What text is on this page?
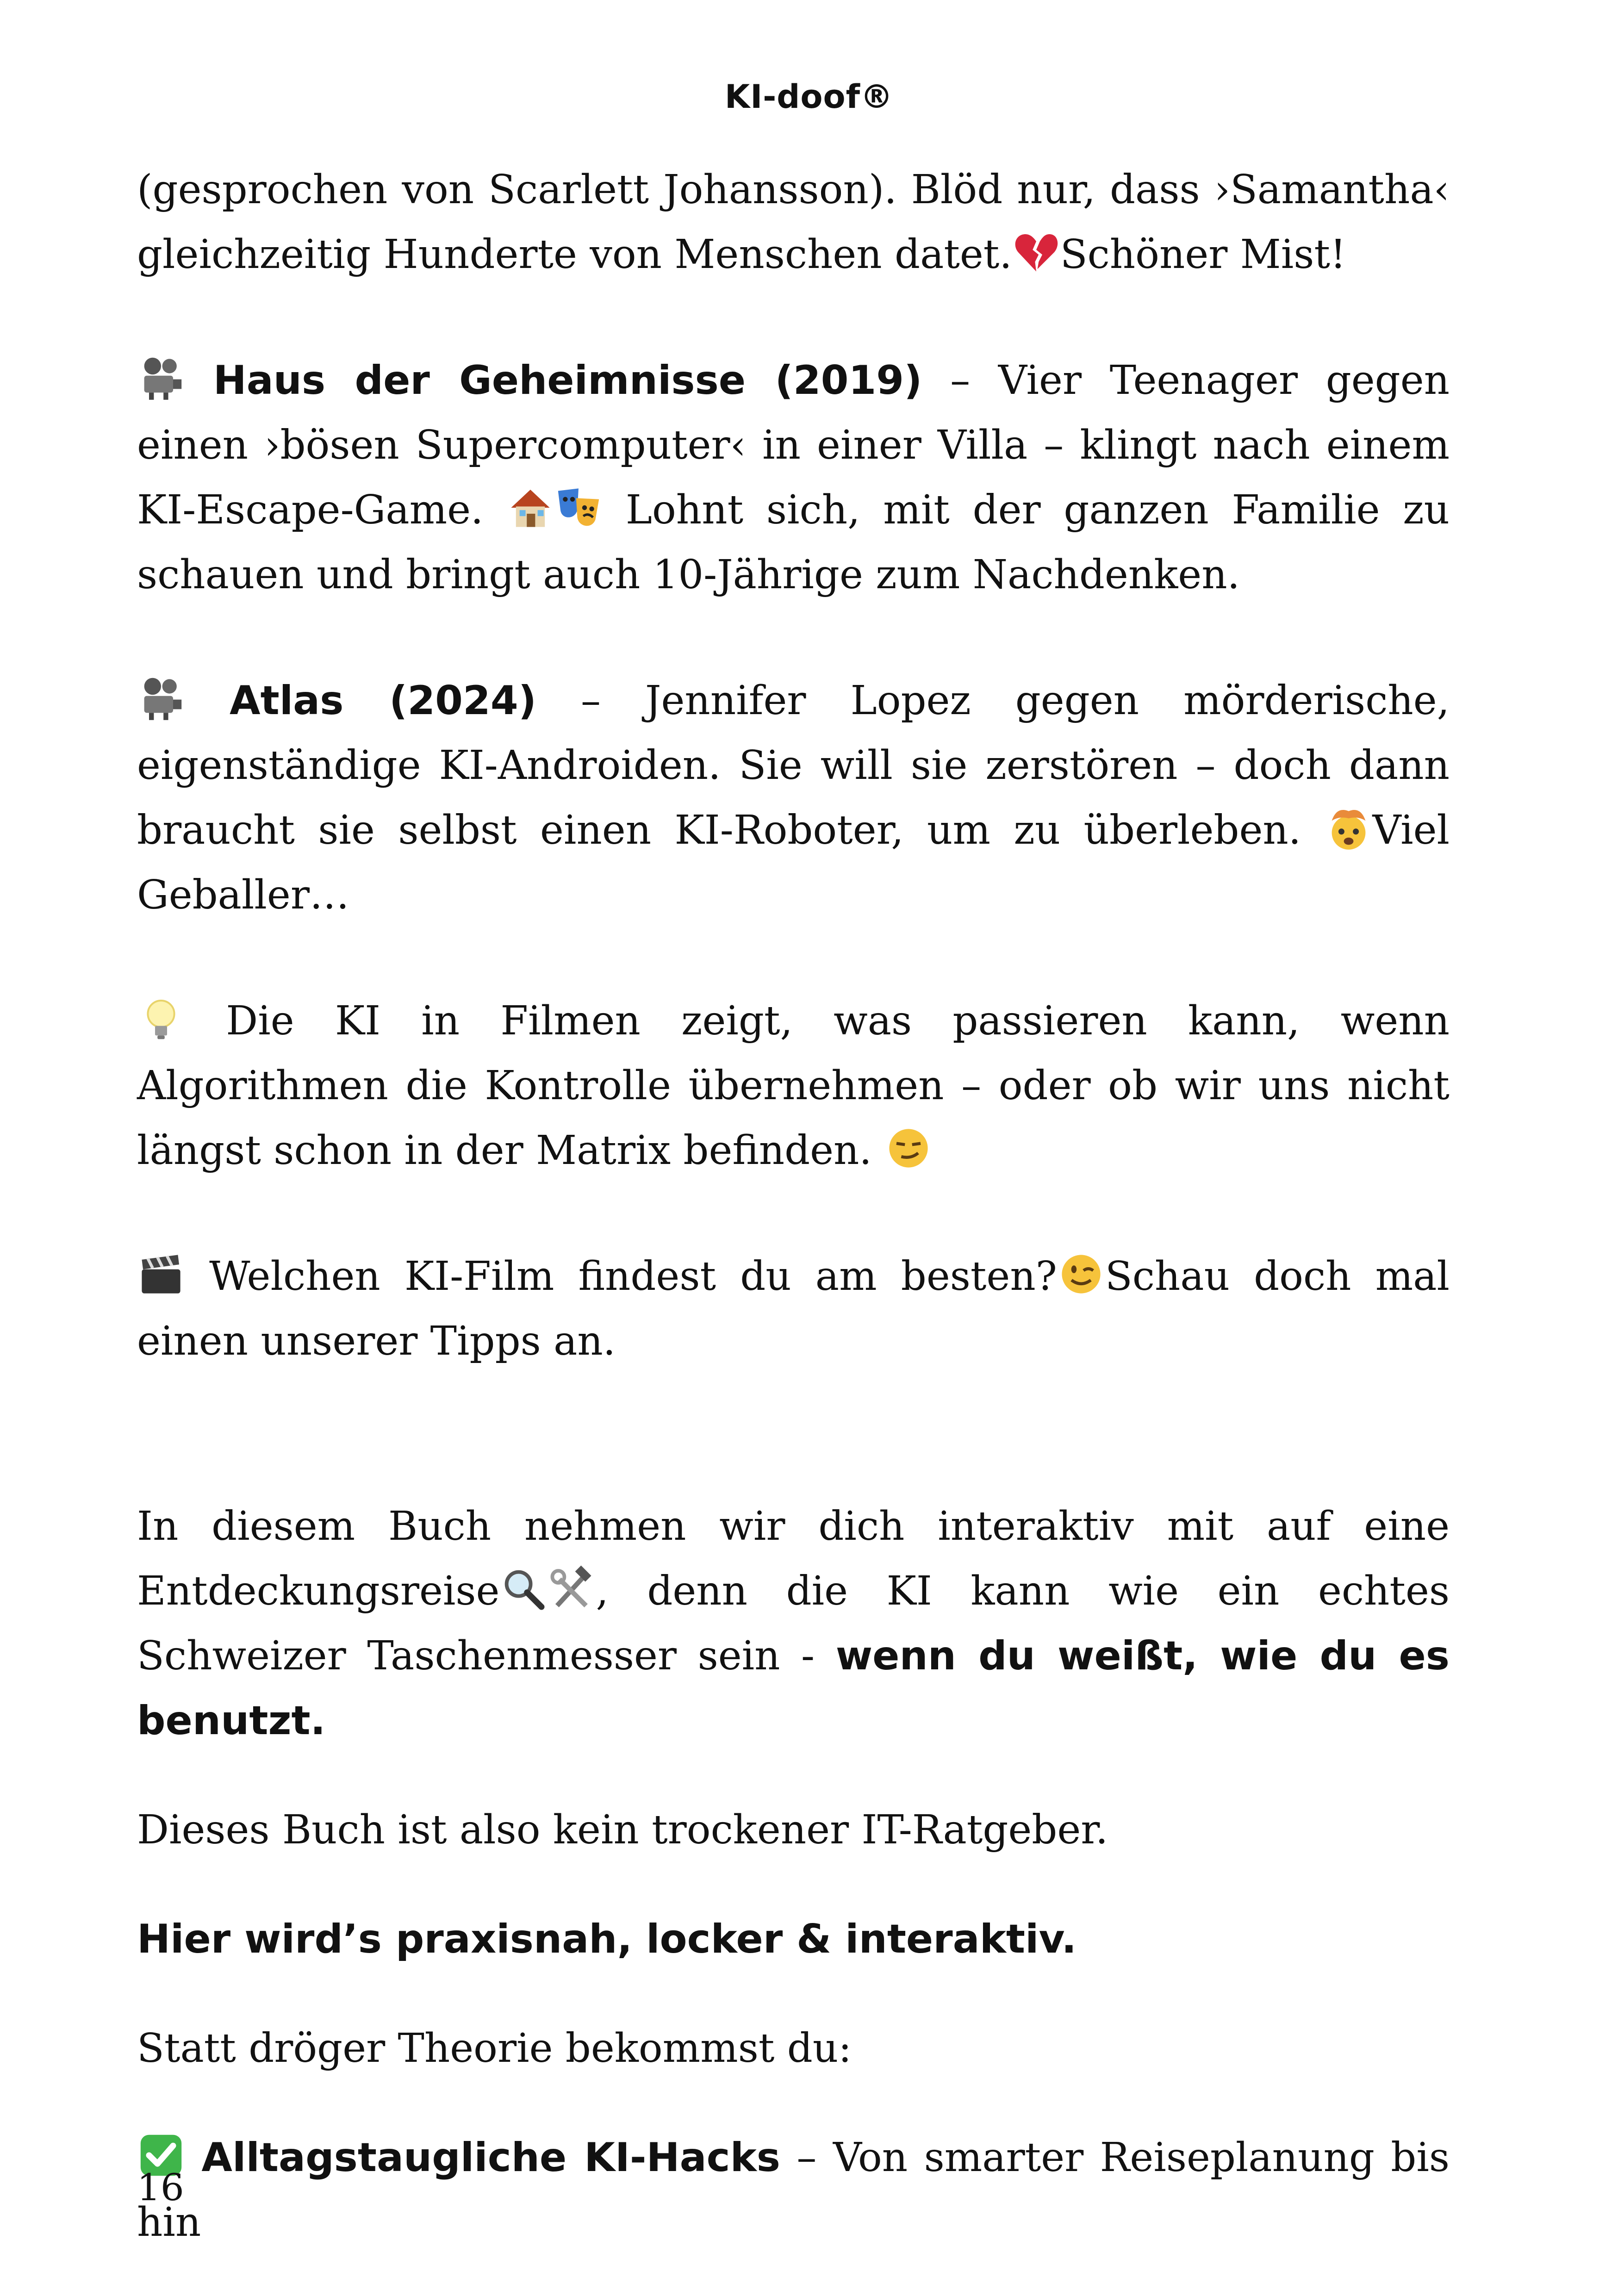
KI-doof®

(gesprochen von Scarlett Johansson). Blöd nur, dass ›Samantha‹ gleichzeitig Hunderte von Menschen datet. Schöner Mist!

Haus der Geheimnisse (2019) – Vier Teenager gegen einen ›bösen Supercomputer‹ in einer Villa – klingt nach einem KI-Escape-Game.
Lohnt sich, mit der ganzen Familie zu schauen und bringt auch 10-Jährige zum Nachdenken.

Atlas (2024) – Jennifer Lopez gegen mörderische, eigenständige KI-Androiden. Sie will sie zerstören – doch dann braucht sie selbst einen KI-Roboter, um zu überleben.
Viel Geballer…

Die KI in Filmen zeigt, was passieren kann, wenn Algorithmen die Kontrolle übernehmen – oder ob wir uns nicht längst schon in der Matrix befinden.

Welchen KI-Film findest du am besten? Schau doch mal einen unserer Tipps an.

In diesem Buch nehmen wir dich interaktiv mit auf eine Entdeckungsreise , denn die KI kann wie ein echtes Schweizer Taschenmesser sein - wenn du weißt, wie du es benutzt.

Dieses Buch ist also kein trockener IT-Ratgeber.

Hier wird’s praxisnah, locker & interaktiv.

Statt dröger Theorie bekommst du:

Alltagstaugliche KI-Hacks – Von smarter Reiseplanung bis hin

16
